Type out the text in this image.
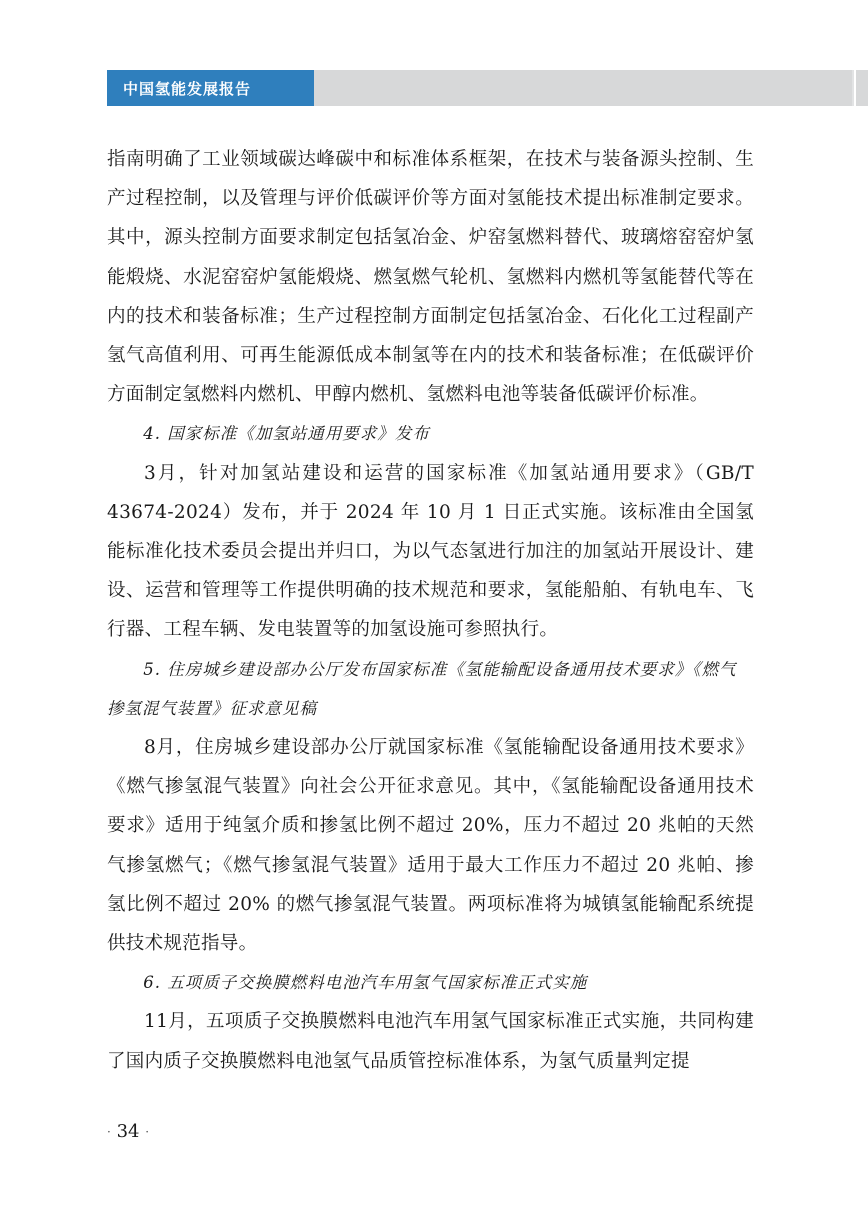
中国氢能发展报告

指南明确了工业领域碳达峰碳中和标准体系框架，在技术与装备源头控制、生产过程控制，以及管理与评价低碳评价等方面对氢能技术提出标准制定要求。其中，源头控制方面要求制定包括氢冶金、炉窑氢燃料替代、玻璃熔窑窑炉氢能煅烧、水泥窑窑炉氢能煅烧、燃氢燃气轮机、氢燃料内燃机等氢能替代等在内的技术和装备标准；生产过程控制方面制定包括氢冶金、石化化工过程副产氢气高值利用、可再生能源低成本制氢等在内的技术和装备标准；在低碳评价方面制定氢燃料内燃机、甲醇内燃机、氢燃料电池等装备低碳评价标准。

4. 国家标准《加氢站通用要求》发布

3月，针对加氢站建设和运营的国家标准《加氢站通用要求》（GB/T 43674-2024）发布，并于 2024 年 10 月 1 日正式实施。该标准由全国氢能标准化技术委员会提出并归口，为以气态氢进行加注的加氢站开展设计、建设、运营和管理等工作提供明确的技术规范和要求，氢能船舶、有轨电车、飞行器、工程车辆、发电装置等的加氢设施可参照执行。

5. 住房城乡建设部办公厅发布国家标准《氢能输配设备通用技术要求》《燃气掺氢混气装置》征求意见稿

8月，住房城乡建设部办公厅就国家标准《氢能输配设备通用技术要求》《燃气掺氢混气装置》向社会公开征求意见。其中，《氢能输配设备通用技术要求》适用于纯氢介质和掺氢比例不超过 20%，压力不超过 20 兆帕的天然气掺氢燃气；《燃气掺氢混气装置》适用于最大工作压力不超过 20 兆帕、掺氢比例不超过 20% 的燃气掺氢混气装置。两项标准将为城镇氢能输配系统提供技术规范指导。

6. 五项质子交换膜燃料电池汽车用氢气国家标准正式实施

11月，五项质子交换膜燃料电池汽车用氢气国家标准正式实施，共同构建了国内质子交换膜燃料电池氢气品质管控标准体系，为氢气质量判定提

· 34 ·
